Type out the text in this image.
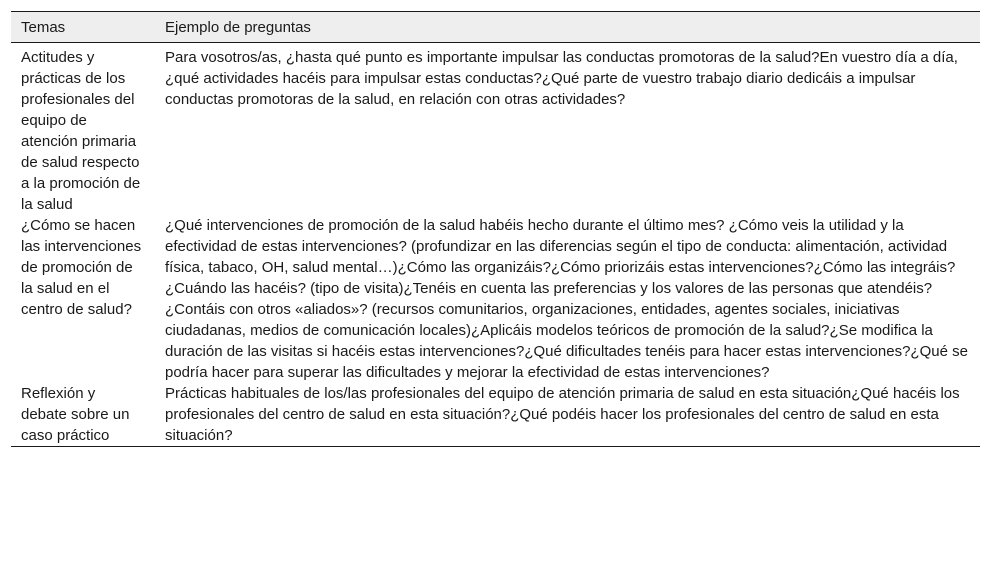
Temas	Ejemplo de preguntas
Actitudes y prácticas de los profesionales del equipo de atención primaria de salud respecto a la promoción de la salud	Para vosotros/as, ¿hasta qué punto es importante impulsar las conductas promotoras de la salud?En vuestro día a día, ¿qué actividades hacéis para impulsar estas conductas?¿Qué parte de vuestro trabajo diario dedicáis a impulsar conductas promotoras de la salud, en relación con otras actividades?
¿Cómo se hacen las intervenciones de promoción de la salud en el centro de salud?	¿Qué intervenciones de promoción de la salud habéis hecho durante el último mes? ¿Cómo veis la utilidad y la efectividad de estas intervenciones? (profundizar en las diferencias según el tipo de conducta: alimentación, actividad física, tabaco, OH, salud mental…)¿Cómo las organizáis?¿Cómo priorizáis estas intervenciones?¿Cómo las integráis?¿Cuándo las hacéis? (tipo de visita)¿Tenéis en cuenta las preferencias y los valores de las personas que atendéis?¿Contáis con otros «aliados»? (recursos comunitarios, organizaciones, entidades, agentes sociales, iniciativas ciudadanas, medios de comunicación locales)¿Aplicáis modelos teóricos de promoción de la salud?¿Se modifica la duración de las visitas si hacéis estas intervenciones?¿Qué dificultades tenéis para hacer estas intervenciones?¿Qué se podría hacer para superar las dificultades y mejorar la efectividad de estas intervenciones?
Reflexión y debate sobre un caso práctico	Prácticas habituales de los/las profesionales del equipo de atención primaria de salud en esta situación¿Qué hacéis los profesionales del centro de salud en esta situación?¿Qué podéis hacer los profesionales del centro de salud en esta situación?
